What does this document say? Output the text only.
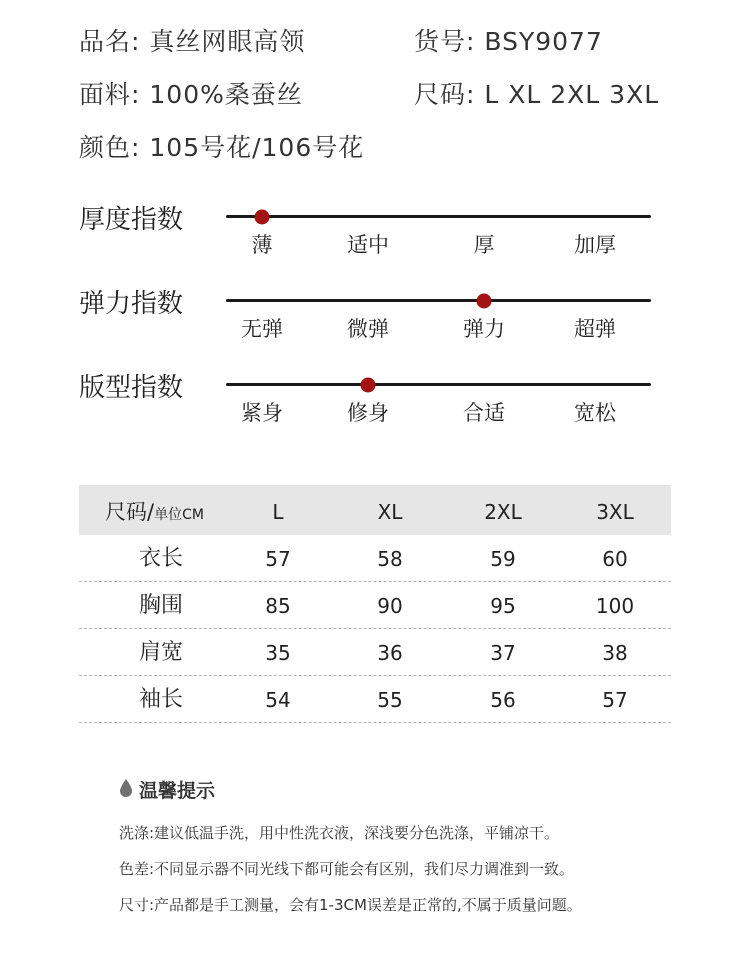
品名: 真丝网眼高领	货号: BSY9077
面料: 100%桑蚕丝	尺码: L XL 2XL 3XL
颜色: 105号花/106号花
厚度指数
薄	适中	厚	加厚
弹力指数
无弹	微弹	弹力	超弹
版型指数
紧身	修身	合适	宽松
尺码/单位CM	L	XL	2XL	3XL
衣长	57	58	59	60
胸围	85	90	95	100
肩宽	35	36	37	38
袖长	54	55	56	57
温馨提示
洗涤:建议低温手洗，用中性洗衣液，深浅要分色洗涤，平铺凉干。
色差:不同显示器不同光线下都可能会有区别，我们尽力调准到一致。
尺寸:产品都是手工测量，会有1-3CM误差是正常的,不属于质量问题。
